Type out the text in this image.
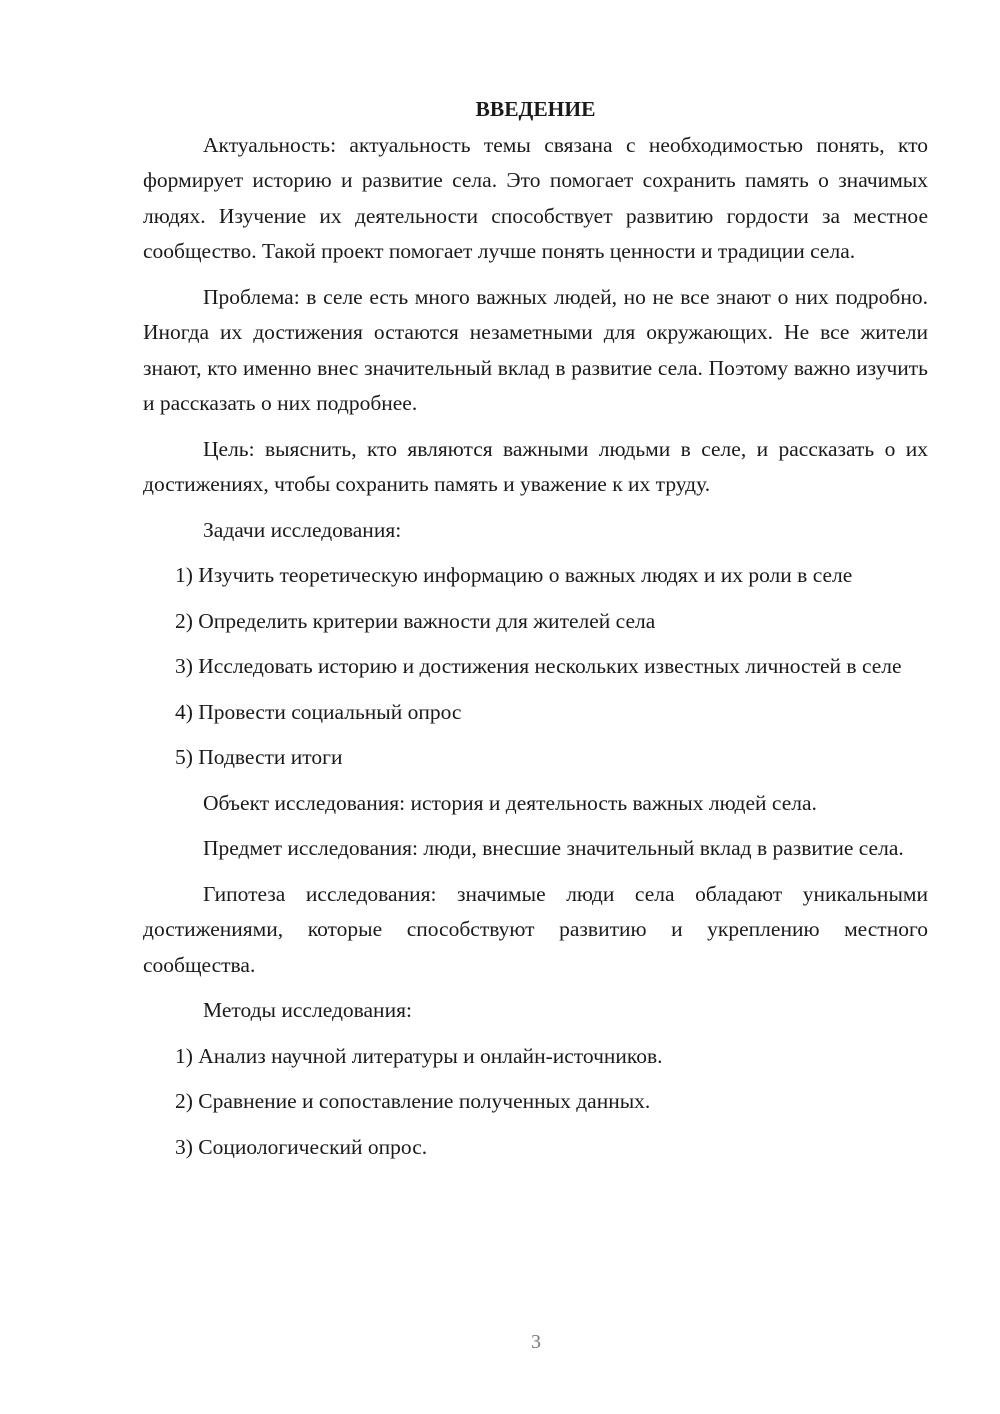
ВВЕДЕНИЕ

Актуальность: актуальность темы связана с необходимостью понять, кто формирует историю и развитие села. Это помогает сохранить память о значимых людях. Изучение их деятельности способствует развитию гордости за местное сообщество. Такой проект помогает лучше понять ценности и традиции села.

Проблема: в селе есть много важных людей, но не все знают о них подробно. Иногда их достижения остаются незаметными для окружающих. Не все жители знают, кто именно внес значительный вклад в развитие села. Поэтому важно изучить и рассказать о них подробнее.

Цель: выяснить, кто являются важными людьми в селе, и рассказать о их достижениях, чтобы сохранить память и уважение к их труду.

Задачи исследования:

1) Изучить теоретическую информацию о важных людях и их роли в селе

2) Определить критерии важности для жителей села

3) Исследовать историю и достижения нескольких известных личностей в селе

4) Провести социальный опрос

5) Подвести итоги

Объект исследования: история и деятельность важных людей села.

Предмет исследования: люди, внесшие значительный вклад в развитие села.

Гипотеза исследования: значимые люди села обладают уникальными достижениями, которые способствуют развитию и укреплению местного сообщества.

Методы исследования:

1) Анализ научной литературы и онлайн-источников.

2) Сравнение и сопоставление полученных данных.

3) Социологический опрос.

3
